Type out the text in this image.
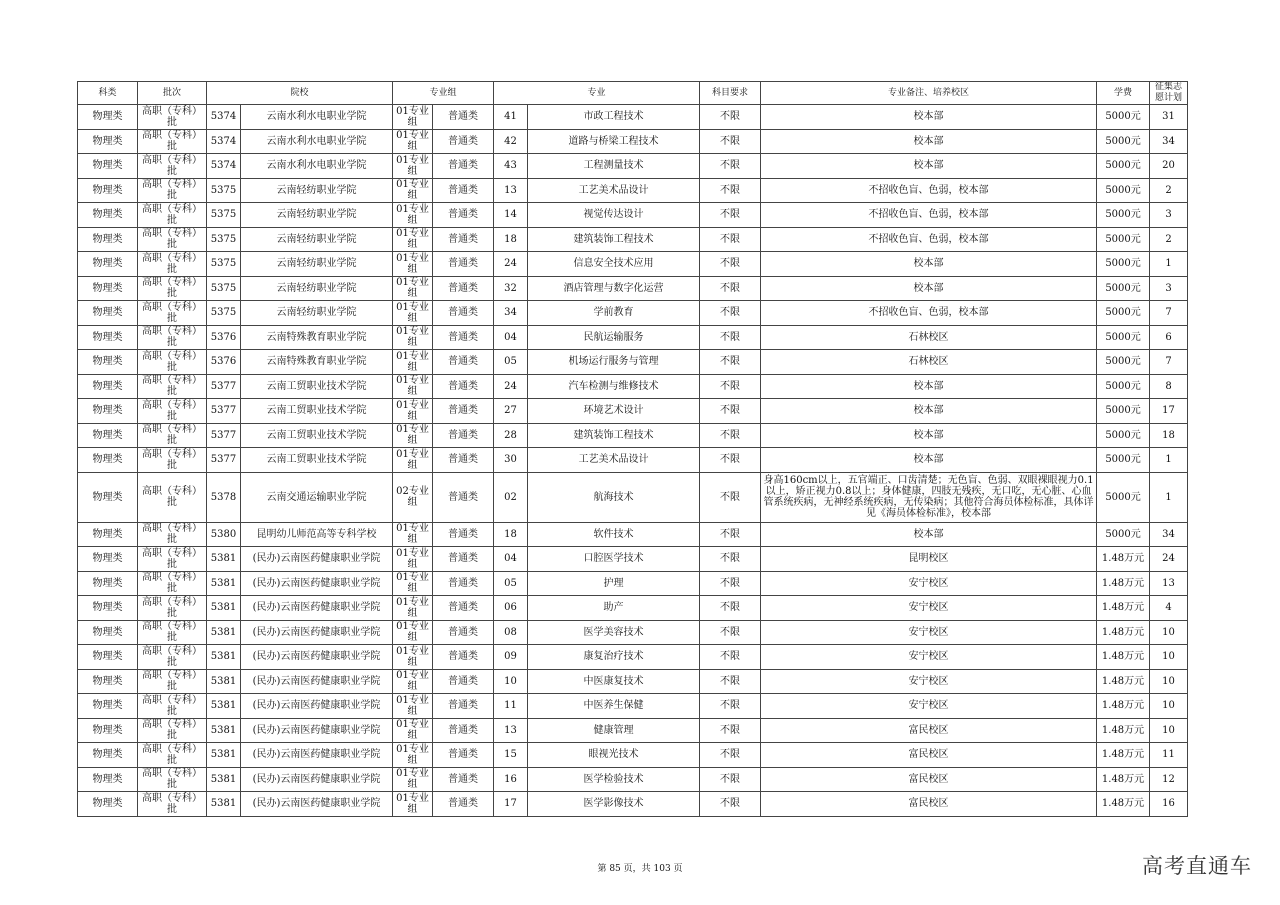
科类	批次	院校		专业组		专业		科目要求	专业备注、培养校区	学费	征集志愿计划
物理类	高职（专科）批	5374	云南水利水电职业学院	01专业组	普通类	41	市政工程技术	不限	校本部	5000元	31
物理类	高职（专科）批	5374	云南水利水电职业学院	01专业组	普通类	42	道路与桥梁工程技术	不限	校本部	5000元	34
物理类	高职（专科）批	5374	云南水利水电职业学院	01专业组	普通类	43	工程测量技术	不限	校本部	5000元	20
物理类	高职（专科）批	5375	云南轻纺职业学院	01专业组	普通类	13	工艺美术品设计	不限	不招收色盲、色弱，校本部	5000元	2
物理类	高职（专科）批	5375	云南轻纺职业学院	01专业组	普通类	14	视觉传达设计	不限	不招收色盲、色弱，校本部	5000元	3
物理类	高职（专科）批	5375	云南轻纺职业学院	01专业组	普通类	18	建筑装饰工程技术	不限	不招收色盲、色弱，校本部	5000元	2
物理类	高职（专科）批	5375	云南轻纺职业学院	01专业组	普通类	24	信息安全技术应用	不限	校本部	5000元	1
物理类	高职（专科）批	5375	云南轻纺职业学院	01专业组	普通类	32	酒店管理与数字化运营	不限	校本部	5000元	3
物理类	高职（专科）批	5375	云南轻纺职业学院	01专业组	普通类	34	学前教育	不限	不招收色盲、色弱，校本部	5000元	7
物理类	高职（专科）批	5376	云南特殊教育职业学院	01专业组	普通类	04	民航运输服务	不限	石林校区	5000元	6
物理类	高职（专科）批	5376	云南特殊教育职业学院	01专业组	普通类	05	机场运行服务与管理	不限	石林校区	5000元	7
物理类	高职（专科）批	5377	云南工贸职业技术学院	01专业组	普通类	24	汽车检测与维修技术	不限	校本部	5000元	8
物理类	高职（专科）批	5377	云南工贸职业技术学院	01专业组	普通类	27	环境艺术设计	不限	校本部	5000元	17
物理类	高职（专科）批	5377	云南工贸职业技术学院	01专业组	普通类	28	建筑装饰工程技术	不限	校本部	5000元	18
物理类	高职（专科）批	5377	云南工贸职业技术学院	01专业组	普通类	30	工艺美术品设计	不限	校本部	5000元	1
物理类	高职（专科）批	5378	云南交通运输职业学院	02专业组	普通类	02	航海技术	不限	身高160cm以上，五官端正、口齿清楚；无色盲、色弱、双眼裸眼视力0.1以上，矫正视力0.8以上；身体健康，四肢无残疾，无口吃，无心脏、心血管系统疾病，无神经系统疾病，无传染病；其他符合海员体检标准，具体详见《海员体检标准》，校本部	5000元	1
物理类	高职（专科）批	5380	昆明幼儿师范高等专科学校	01专业组	普通类	18	软件技术	不限	校本部	5000元	34
物理类	高职（专科）批	5381	(民办)云南医药健康职业学院	01专业组	普通类	04	口腔医学技术	不限	昆明校区	1.48万元	24
物理类	高职（专科）批	5381	(民办)云南医药健康职业学院	01专业组	普通类	05	护理	不限	安宁校区	1.48万元	13
物理类	高职（专科）批	5381	(民办)云南医药健康职业学院	01专业组	普通类	06	助产	不限	安宁校区	1.48万元	4
物理类	高职（专科）批	5381	(民办)云南医药健康职业学院	01专业组	普通类	08	医学美容技术	不限	安宁校区	1.48万元	10
物理类	高职（专科）批	5381	(民办)云南医药健康职业学院	01专业组	普通类	09	康复治疗技术	不限	安宁校区	1.48万元	10
物理类	高职（专科）批	5381	(民办)云南医药健康职业学院	01专业组	普通类	10	中医康复技术	不限	安宁校区	1.48万元	10
物理类	高职（专科）批	5381	(民办)云南医药健康职业学院	01专业组	普通类	11	中医养生保健	不限	安宁校区	1.48万元	10
物理类	高职（专科）批	5381	(民办)云南医药健康职业学院	01专业组	普通类	13	健康管理	不限	富民校区	1.48万元	10
物理类	高职（专科）批	5381	(民办)云南医药健康职业学院	01专业组	普通类	15	眼视光技术	不限	富民校区	1.48万元	11
物理类	高职（专科）批	5381	(民办)云南医药健康职业学院	01专业组	普通类	16	医学检验技术	不限	富民校区	1.48万元	12
物理类	高职（专科）批	5381	(民办)云南医药健康职业学院	01专业组	普通类	17	医学影像技术	不限	富民校区	1.48万元	16
第 85 页，共 103 页	高考直通车
